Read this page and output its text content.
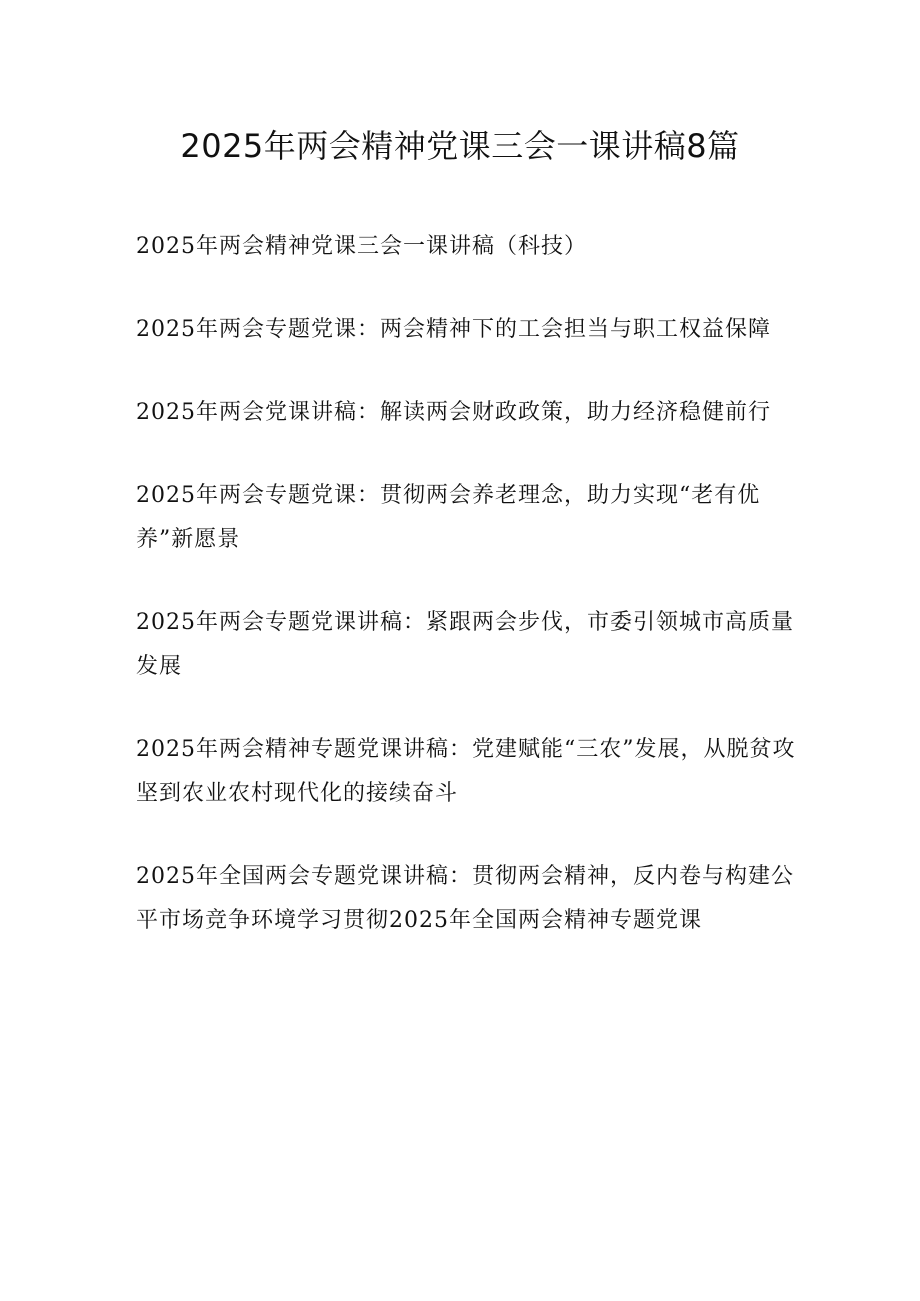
2025年两会精神党课三会一课讲稿8篇
2025年两会精神党课三会一课讲稿（科技）
2025年两会专题党课：两会精神下的工会担当与职工权益保障
2025年两会党课讲稿：解读两会财政政策，助力经济稳健前行
2025年两会专题党课：贯彻两会养老理念，助力实现“老有优养”新愿景
2025年两会专题党课讲稿：紧跟两会步伐，市委引领城市高质量发展
2025年两会精神专题党课讲稿：党建赋能“三农”发展，从脱贫攻坚到农业农村现代化的接续奋斗
2025年全国两会专题党课讲稿：贯彻两会精神，反内卷与构建公平市场竞争环境学习贯彻2025年全国两会精神专题党课
